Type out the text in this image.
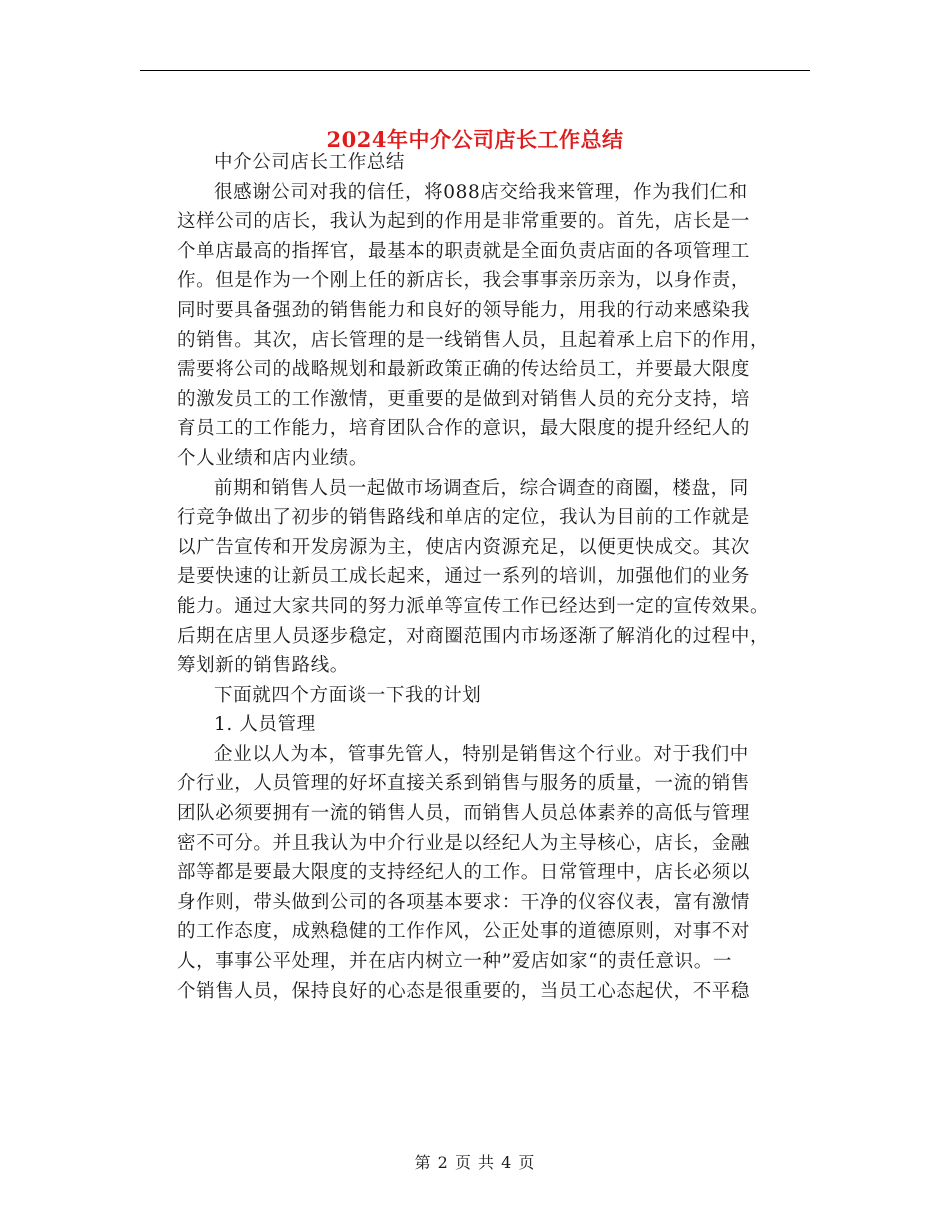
2024年中介公司店长工作总结

中介公司店长工作总结

很感谢公司对我的信任，将088店交给我来管理，作为我们仁和
这样公司的店长，我认为起到的作用是非常重要的。首先，店长是一
个单店最高的指挥官，最基本的职责就是全面负责店面的各项管理工
作。但是作为一个刚上任的新店长，我会事事亲历亲为，以身作责，
同时要具备强劲的销售能力和良好的领导能力，用我的行动来感染我
的销售。其次，店长管理的是一线销售人员，且起着承上启下的作用，
需要将公司的战略规划和最新政策正确的传达给员工，并要最大限度
的激发员工的工作激情，更重要的是做到对销售人员的充分支持，培
育员工的工作能力，培育团队合作的意识，最大限度的提升经纪人的
个人业绩和店内业绩。

前期和销售人员一起做市场调查后，综合调查的商圈，楼盘，同
行竞争做出了初步的销售路线和单店的定位，我认为目前的工作就是
以广告宣传和开发房源为主，使店内资源充足，以便更快成交。其次
是要快速的让新员工成长起来，通过一系列的培训，加强他们的业务
能力。通过大家共同的努力派单等宣传工作已经达到一定的宣传效果。
后期在店里人员逐步稳定，对商圈范围内市场逐渐了解消化的过程中，
筹划新的销售路线。

下面就四个方面谈一下我的计划

1. 人员管理

企业以人为本，管事先管人，特别是销售这个行业。对于我们中
介行业，人员管理的好坏直接关系到销售与服务的质量，一流的销售
团队必须要拥有一流的销售人员，而销售人员总体素养的高低与管理
密不可分。并且我认为中介行业是以经纪人为主导核心，店长，金融
部等都是要最大限度的支持经纪人的工作。日常管理中，店长必须以
身作则，带头做到公司的各项基本要求：干净的仪容仪表，富有激情
的工作态度，成熟稳健的工作作风，公正处事的道德原则，对事不对
人，事事公平处理，并在店内树立一种”爱店如家“的责任意识。一
个销售人员，保持良好的心态是很重要的，当员工心态起伏，不平稳

第 2 页 共 4 页
